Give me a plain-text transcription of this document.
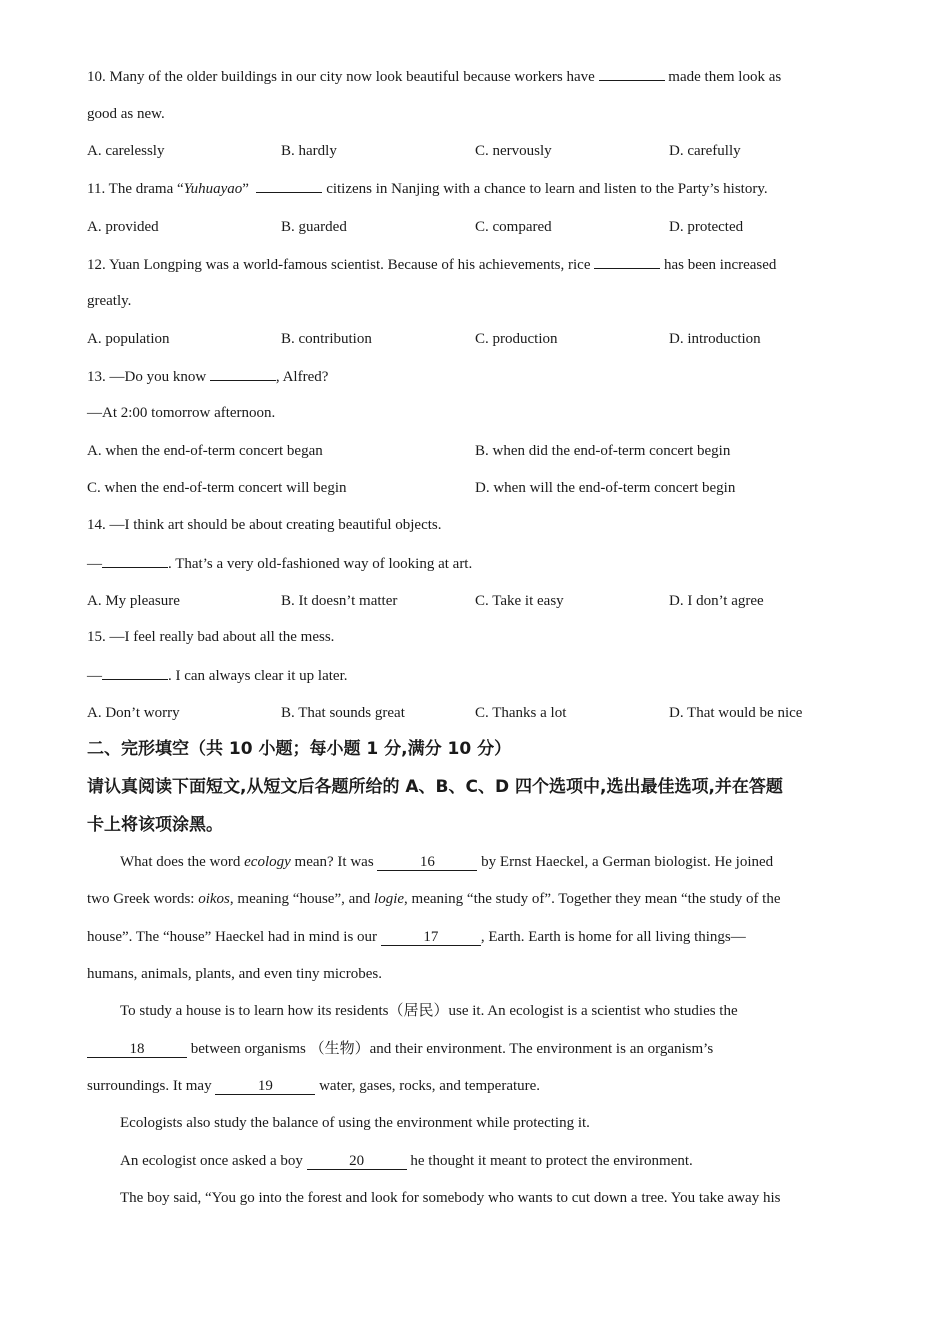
10. Many of the older buildings in our city now look beautiful because workers have	made them look as
good as new.
A. carelessly	B. hardly	C. nervously	D. carefully
11. The drama “Yuhuayao”	citizens in Nanjing with a chance to learn and listen to the Party’s history.
A. provided	B. guarded	C. compared	D. protected
12. Yuan Longping was a world-famous scientist. Because of his achievements, rice	has been increased
greatly.
A. population	B. contribution	C. production	D. introduction
13. —Do you know	, Alfred?
—At 2:00 tomorrow afternoon.
A. when the end-of-term concert began	B. when did the end-of-term concert begin
C. when the end-of-term concert will begin	D. when will the end-of-term concert begin
14. —I think art should be about creating beautiful objects.
—	. That’s a very old-fashioned way of looking at art.
A. My pleasure	B. It doesn’t matter	C. Take it easy	D. I don’t agree
15. —I feel really bad about all the mess.
—	. I can always clear it up later.
A. Don’t worry	B. That sounds great	C. Thanks a lot	D. That would be nice
二、完形填空（共 10 小题；每小题 1 分,满分 10 分）
请认真阅读下面短文,从短文后各题所给的 A、B、C、D 四个选项中,选出最佳选项,并在答题
卡上将该项涂黑。
What does the word ecology mean? It was	16	by Ernst Haeckel, a German biologist. He joined
two Greek words: oikos, meaning “house”, and logie, meaning “the study of”. Together they mean “the study of the
house”. The “house” Haeckel had in mind is our	17	, Earth. Earth is home for all living things—
humans, animals, plants, and even tiny microbes.
To study a house is to learn how its residents（居民）use it. An ecologist is a scientist who studies the
18	between organisms （生物）and their environment. The environment is an organism’s
surroundings. It may	19	water, gases, rocks, and temperature.
Ecologists also study the balance of using the environment while protecting it.
An ecologist once asked a boy	20	he thought it meant to protect the environment.
The boy said, “You go into the forest and look for somebody who wants to cut down a tree. You take away his
